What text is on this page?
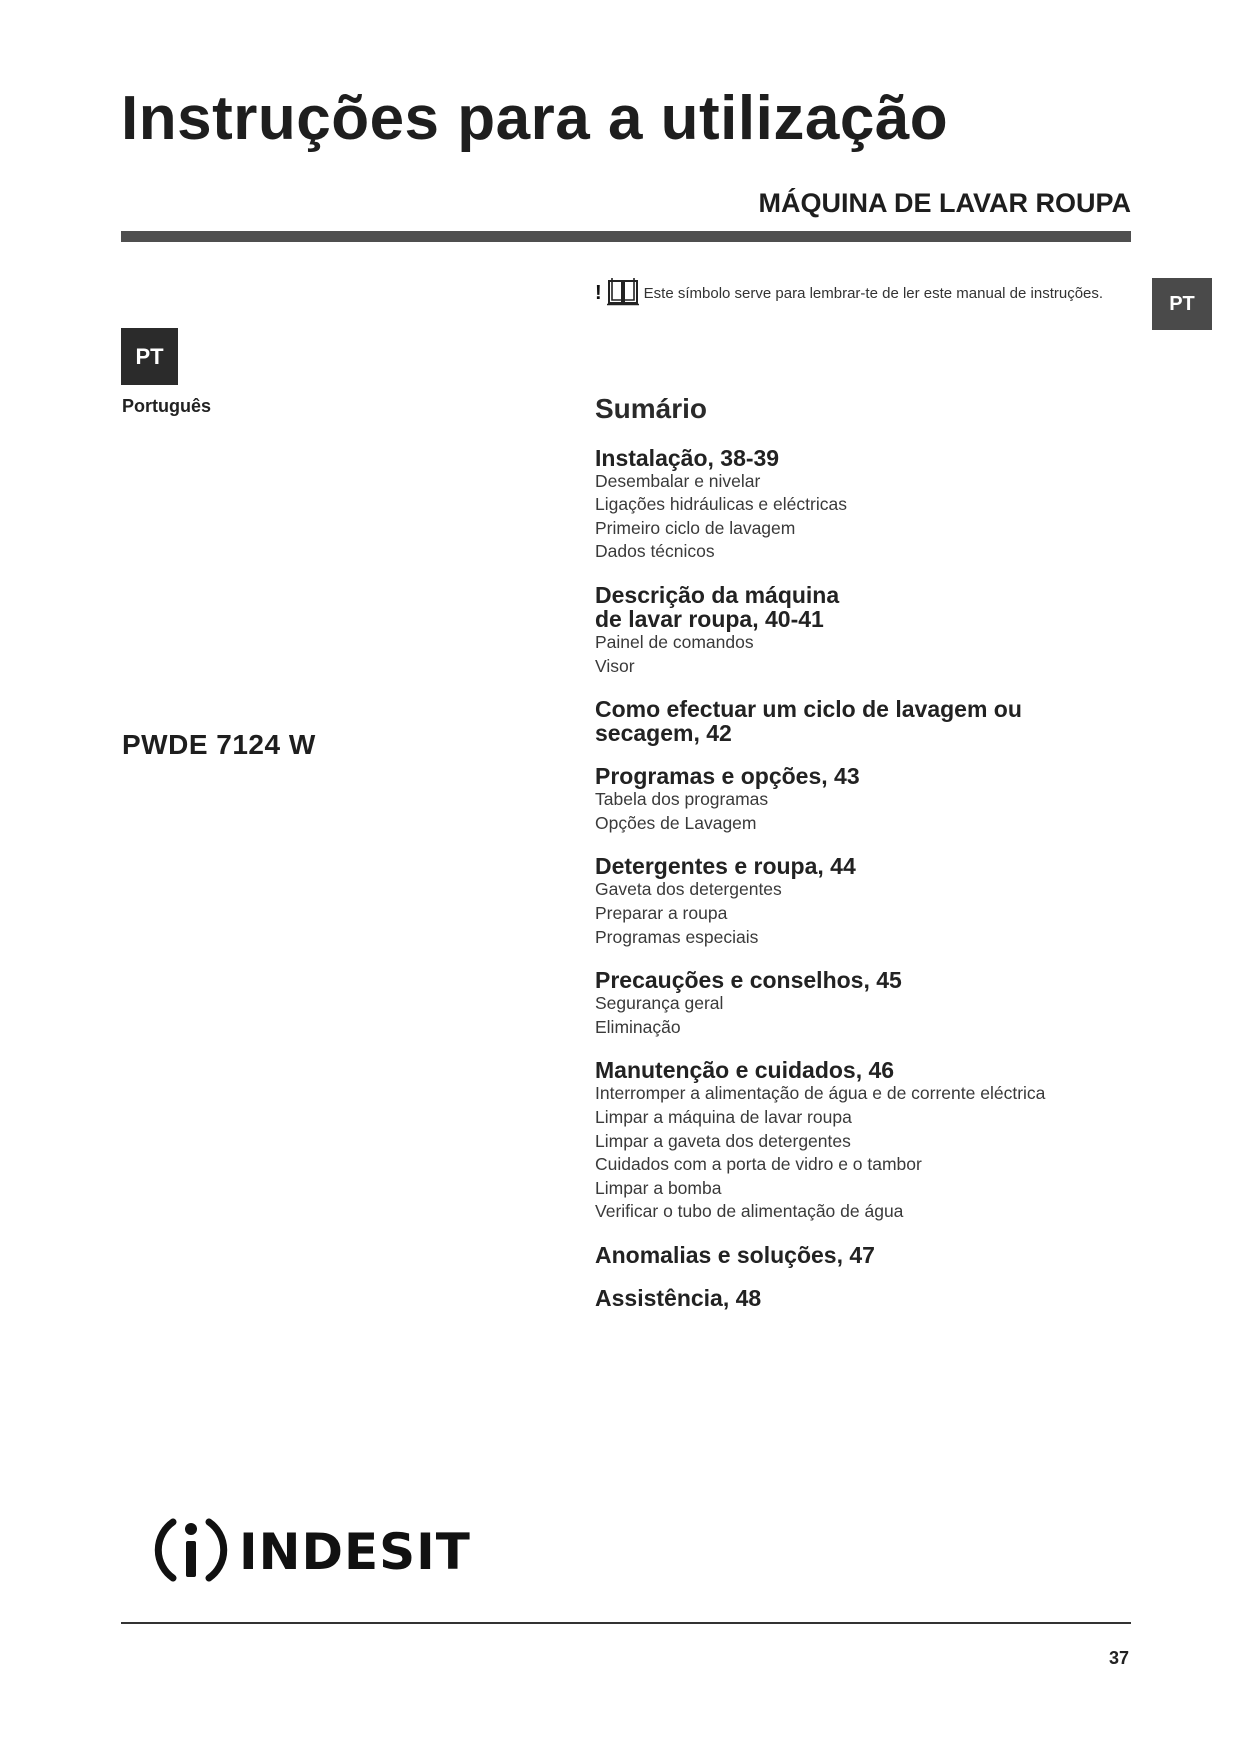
Instruções para a utilização
MÁQUINA DE LAVAR ROUPA
!	Este símbolo serve para lembrar-te de ler este manual de instruções.	PT
PT
Português
PWDE 7124 W
Sumário
Instalação, 38-39
Desembalar e nivelar
Ligações hidráulicas e eléctricas
Primeiro ciclo de lavagem
Dados técnicos
Descrição da máquina
de lavar roupa, 40-41
Painel de comandos
Visor
Como efectuar um ciclo de lavagem ou
secagem, 42
Programas e opções, 43
Tabela dos programas
Opções de Lavagem
Detergentes e roupa, 44
Gaveta dos detergentes
Preparar a roupa
Programas especiais
Precauções e conselhos, 45
Segurança geral
Eliminação
Manutenção e cuidados, 46
Interromper a alimentação de água e de corrente eléctrica
Limpar a máquina de lavar roupa
Limpar a gaveta dos detergentes
Cuidados com a porta de vidro e o tambor
Limpar a bomba
Verificar o tubo de alimentação de água
Anomalias e soluções, 47
Assistência, 48
INDESIT
37
